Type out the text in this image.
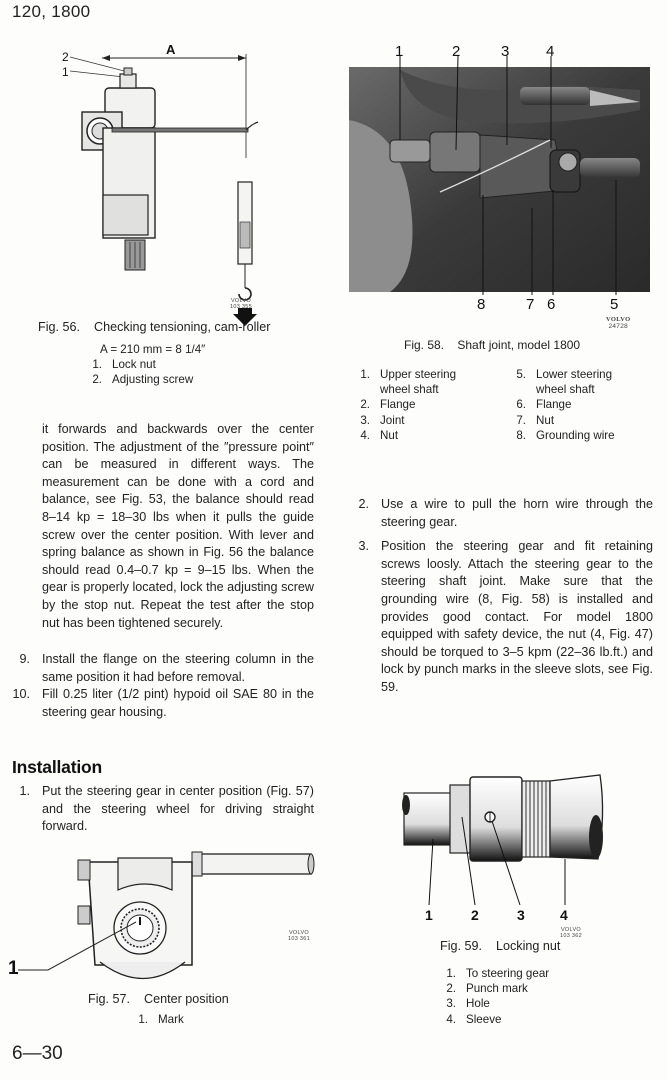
120, 1800
A
2
1
VOLVO
103 355
Fig. 56.    Checking tensioning, cam-roller
A = 210 mm = 8 1/4″
1. Lock nut
2. Adjusting screw
it forwards and backwards over the center position. The adjustment of the ″pressure point″ can be measured in different ways. The measurement can be done with a cord and balance, see Fig. 53, the balance should read 8–14 kp = 18–30 lbs when it pulls the guide screw over the center position. With lever and spring balance as shown in Fig. 56 the balance should read 0.4–0.7 kp = 9–15 lbs. When the gear is properly located, lock the adjusting screw by the stop nut. Repeat the test after the stop nut has been tightened securely.
9. Install the flange on the steering column in the same position it had before removal.
10. Fill 0.25 liter (1/2 pint) hypoid oil SAE 80 in the steering gear housing.
Installation
1. Put the steering gear in center position (Fig. 57) and the steering wheel for driving straight forward.
1
VOLVO
103 361
Fig. 57.    Center position
1. Mark
6—30
1	2	3 4
8	7 6	5
VOLVO
24728
Fig. 58.    Shaft joint, model 1800
1. Upper steering wheel shaft
2. Flange
3. Joint
4. Nut
5. Lower steering wheel shaft
6. Flange
7. Nut
8. Grounding wire
2. Use a wire to pull the horn wire through the steering gear.
3. Position the steering gear and fit retaining screws loosly. Attach the steering gear to the steering shaft joint. Make sure that the grounding wire (8, Fig. 58) is installed and provides good contact. For model 1800 equipped with safety device, the nut (4, Fig. 47) should be torqued to 3–5 kpm (22–36 lb.ft.) and lock by punch marks in the sleeve slots, see Fig. 59.
1	2	3	4
VOLVO
103 362
Fig. 59.    Locking nut
1. To steering gear
2. Punch mark
3. Hole
4. Sleeve
